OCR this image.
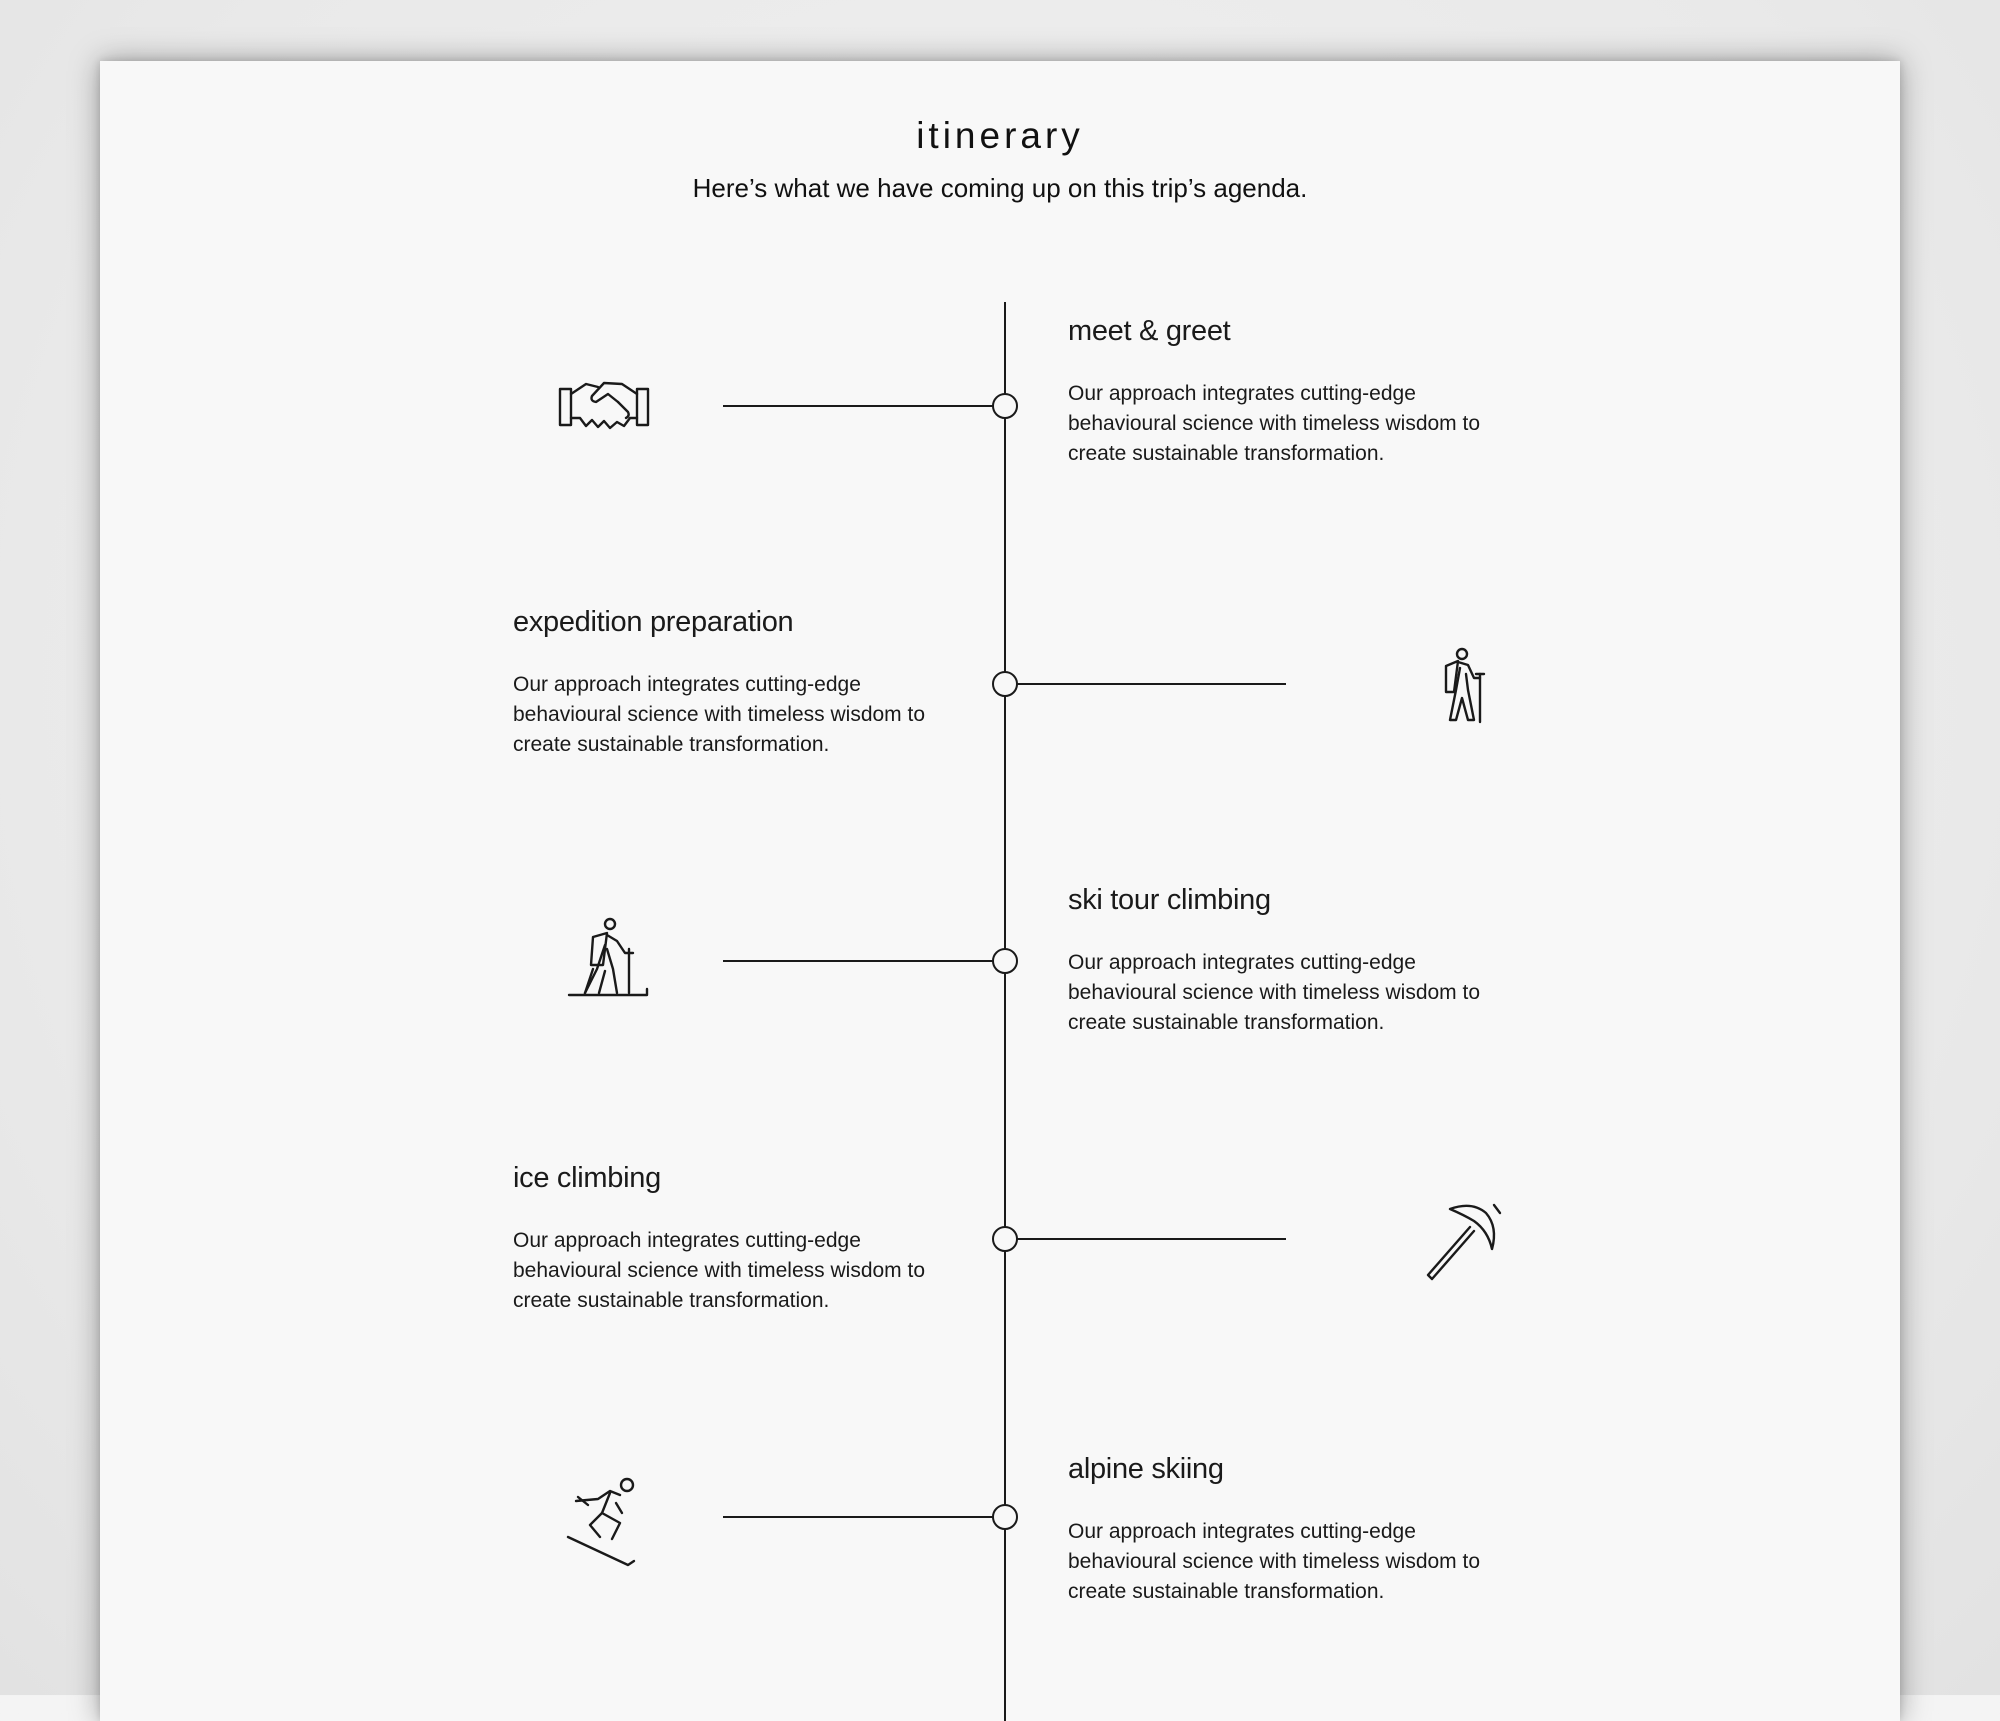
itinerary
Here’s what we have coming up on this trip’s agenda.
meet & greet
Our approach integrates cutting-edge behavioural science with timeless wisdom to create sustainable transformation.
expedition preparation
Our approach integrates cutting-edge behavioural science with timeless wisdom to create sustainable transformation.
ski tour climbing
Our approach integrates cutting-edge behavioural science with timeless wisdom to create sustainable transformation.
ice climbing
Our approach integrates cutting-edge behavioural science with timeless wisdom to create sustainable transformation.
alpine skiing
Our approach integrates cutting-edge behavioural science with timeless wisdom to create sustainable transformation.
